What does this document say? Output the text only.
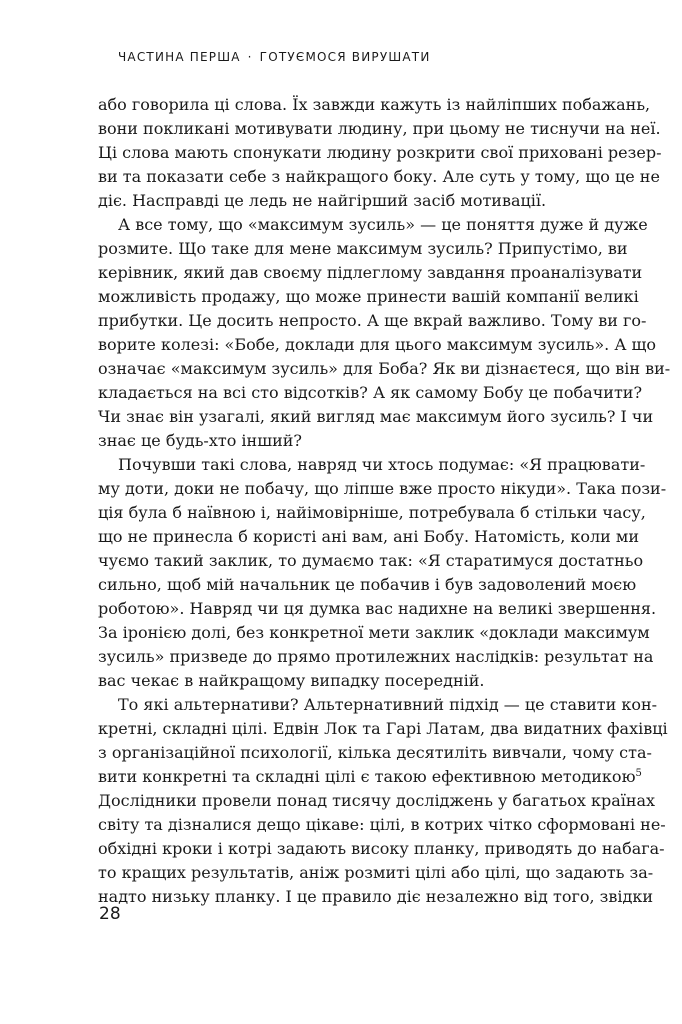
ЧАСТИНА ПЕРША · ГОТУЄМОСЯ ВИРУШАТИ
або говорила ці слова. Їх завжди кажуть із найліпших побажань,
вони покликані мотивувати людину, при цьому не тиснучи на неї.
Ці слова мають спонукати людину розкрити свої приховані резер-
ви та показати себе з найкращого боку. Але суть у тому, що це не
діє. Насправді це ледь не найгірший засіб мотивації.
А все тому, що «максимум зусиль» — це поняття дуже й дуже
розмите. Що таке для мене максимум зусиль? Припустімо, ви
керівник, який дав своєму підлеглому завдання проаналізувати
можливість продажу, що може принести вашій компанії великі
прибутки. Це досить непросто. А ще вкрай важливо. Тому ви го-
ворите колезі: «Бобе, доклади для цього максимум зусиль». А що
означає «максимум зусиль» для Боба? Як ви дізнаєтеся, що він ви-
кладається на всі сто відсотків? А як самому Бобу це побачити?
Чи знає він узагалі, який вигляд має максимум його зусиль? І чи
знає це будь-хто інший?
Почувши такі слова, навряд чи хтось подумає: «Я працювати-
му доти, доки не побачу, що ліпше вже просто нікуди». Така пози-
ція була б наївною і, найімовірніше, потребувала б стільки часу,
що не принесла б користі ані вам, ані Бобу. Натомість, коли ми
чуємо такий заклик, то думаємо так: «Я старатимуся достатньо
сильно, щоб мій начальник це побачив і був задоволений моєю
роботою». Навряд чи ця думка вас надихне на великі звершення.
За іронією долі, без конкретної мети заклик «доклади максимум
зусиль» призведе до прямо протилежних наслідків: результат на
вас чекає в найкращому випадку посередній.
То які альтернативи? Альтернативний підхід — це ставити кон-
кретні, складні цілі. Едвін Лок та Гарі Латам, два видатних фахівці
з організаційної психології, кілька десятиліть вивчали, чому ста-
вити конкретні та складні цілі є такою ефективною методикою$^5$
Дослідники провели понад тисячу досліджень у багатьох країнах
світу та дізналися дещо цікаве: цілі, в котрих чітко сформовані не-
обхідні кроки і котрі задають високу планку, приводять до набага-
то кращих результатів, аніж розмиті цілі або цілі, що задають за-
надто низьку планку. І це правило діє незалежно від того, звідки
28
